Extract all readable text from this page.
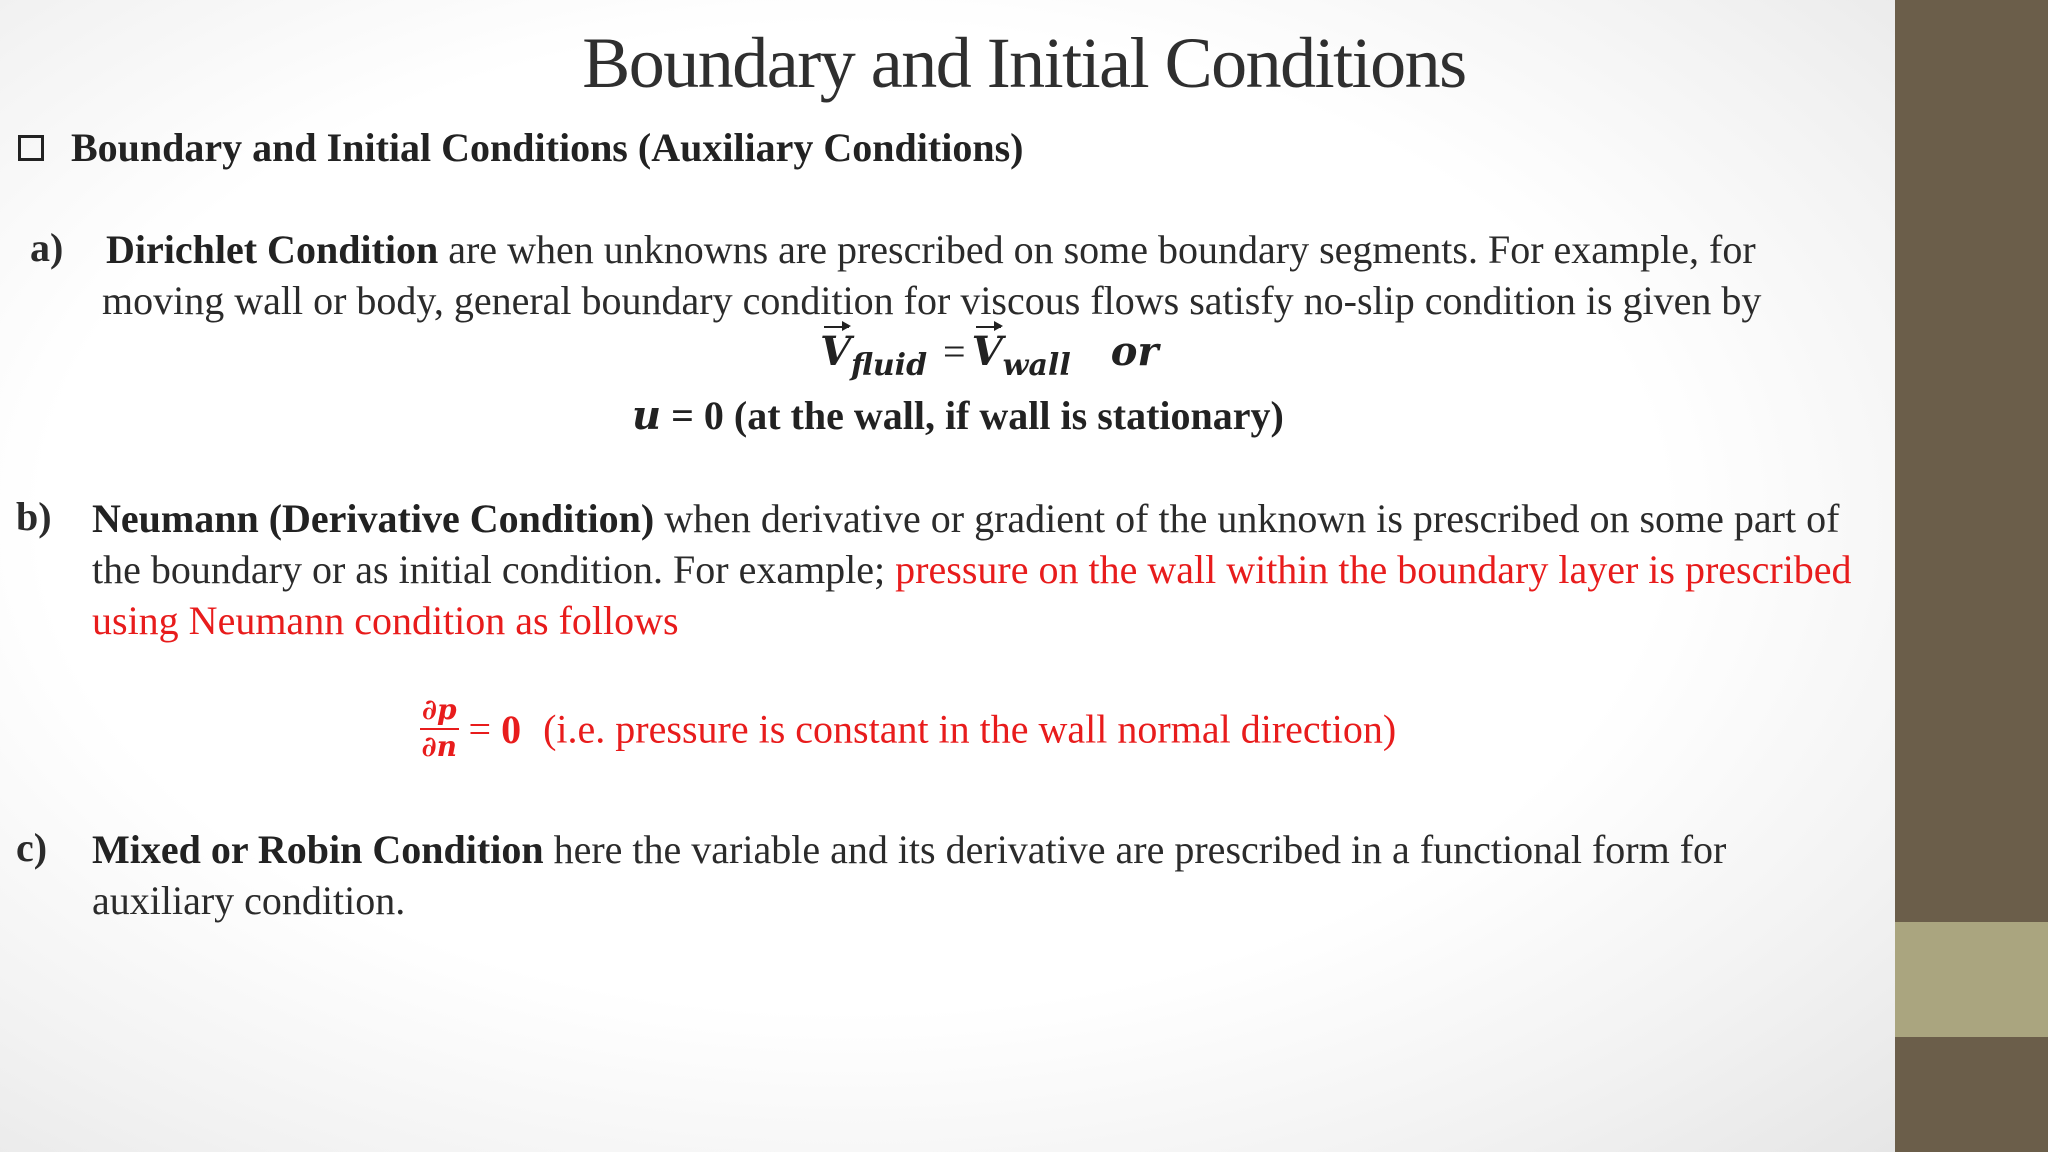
Boundary and Initial Conditions
Boundary and Initial Conditions (Auxiliary Conditions)
a) Dirichlet Condition are when unknowns are prescribed on some boundary segments. For example, for
moving wall or body, general boundary condition for viscous flows satisfy no-slip condition is given by
$V_{fluid} = V_{wall}$ or
u = 0 (at the wall, if wall is stationary)
b) Neumann (Derivative Condition) when derivative or gradient of the unknown is prescribed on some part of the boundary or as initial condition. For example; pressure on the wall within the boundary layer is prescribed using Neumann condition as follows
$\frac{\partial p}{\partial n} = 0$ (i.e. pressure is constant in the wall normal direction)
c) Mixed or Robin Condition here the variable and its derivative are prescribed in a functional form for auxiliary condition.
